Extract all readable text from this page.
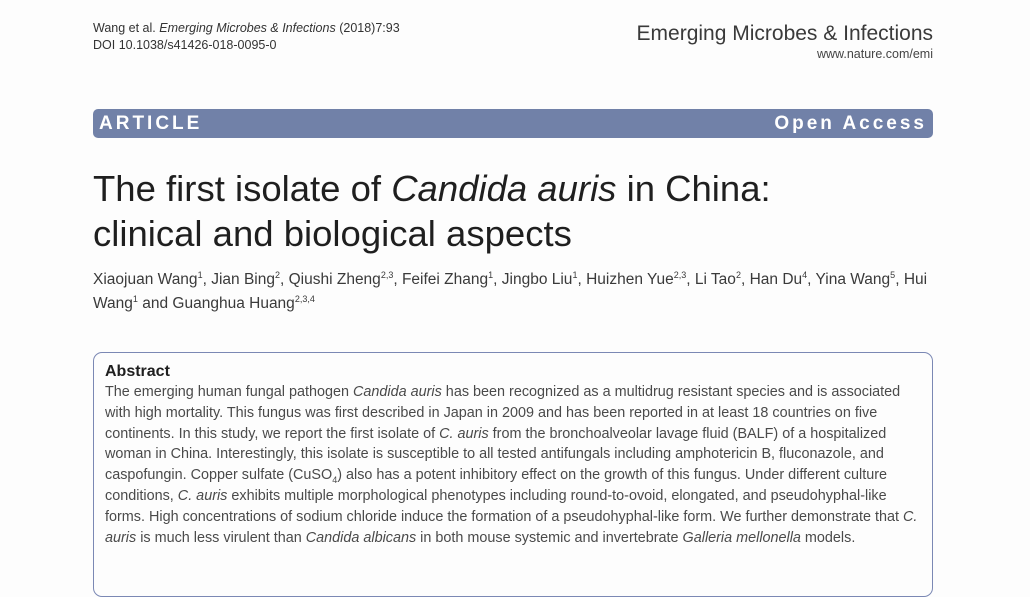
Wang et al. Emerging Microbes & Infections (2018)7:93
DOI 10.1038/s41426-018-0095-0	Emerging Microbes & Infections
www.nature.com/emi
ARTICLE	Open Access
The first isolate of Candida auris in China:
clinical and biological aspects
Xiaojuan Wang$^1$, Jian Bing$^2$, Qiushi Zheng$^{2,3}$, Feifei Zhang$^1$, Jingbo Liu$^1$, Huizhen Yue$^{2,3}$, Li Tao$^2$, Han Du$^4$, Yina Wang$^5$, Hui Wang$^1$ and Guanghua Huang$^{2,3,4}$
Abstract
The emerging human fungal pathogen Candida auris has been recognized as a multidrug resistant species and is associated with high mortality. This fungus was first described in Japan in 2009 and has been reported in at least 18 countries on five continents. In this study, we report the first isolate of C. auris from the bronchoalveolar lavage fluid (BALF) of a hospitalized woman in China. Interestingly, this isolate is susceptible to all tested antifungals including amphotericin B, fluconazole, and caspofungin. Copper sulfate (CuSO$_4$) also has a potent inhibitory effect on the growth of this fungus. Under different culture conditions, C. auris exhibits multiple morphological phenotypes including round-to-ovoid, elongated, and pseudohyphal-like forms. High concentrations of sodium chloride induce the formation of a pseudohyphal-like form. We further demonstrate that C. auris is much less virulent than Candida albicans in both mouse systemic and invertebrate Galleria mellonella models.
